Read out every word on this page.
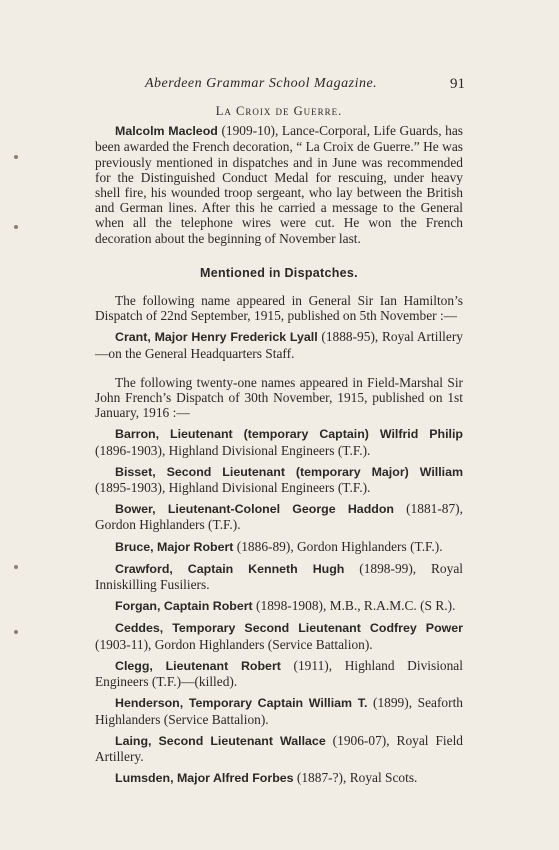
Aberdeen Grammar School Magazine.	91
La Croix de Guerre.

Malcolm Macleod (1909-10), Lance-Corporal, Life Guards, has been awarded the French decoration, “ La Croix de Guerre.” He was previously mentioned in dispatches and in June was recommended for the Distinguished Conduct Medal for rescuing, under heavy shell fire, his wounded troop sergeant, who lay between the British and German lines. After this he carried a message to the General when all the telephone wires were cut. He won the French decoration about the beginning of November last.

Mentioned in Dispatches.

The following name appeared in General Sir Ian Hamilton’s Dispatch of 22nd September, 1915, published on 5th November :—

Crant, Major Henry Frederick Lyall (1888-95), Royal Artillery—on the General Headquarters Staff.

The following twenty-one names appeared in Field-Marshal Sir John French’s Dispatch of 30th November, 1915, published on 1st January, 1916 :—

Barron, Lieutenant (temporary Captain) Wilfrid Philip (1896-1903), Highland Divisional Engineers (T.F.).

Bisset, Second Lieutenant (temporary Major) William (1895-1903), Highland Divisional Engineers (T.F.).

Bower, Lieutenant-Colonel George Haddon (1881-87), Gordon Highlanders (T.F.).

Bruce, Major Robert (1886-89), Gordon Highlanders (T.F.).

Crawford, Captain Kenneth Hugh (1898-99), Royal Inniskilling Fusiliers.

Forgan, Captain Robert (1898-1908), M.B., R.A.M.C. (S R.).

Ceddes, Temporary Second Lieutenant Codfrey Power (1903-11), Gordon Highlanders (Service Battalion).

Clegg, Lieutenant Robert (1911), Highland Divisional Engineers (T.F.)—(killed).

Henderson, Temporary Captain William T. (1899), Seaforth Highlanders (Service Battalion).

Laing, Second Lieutenant Wallace (1906-07), Royal Field Artillery.

Lumsden, Major Alfred Forbes (1887-?), Royal Scots.
